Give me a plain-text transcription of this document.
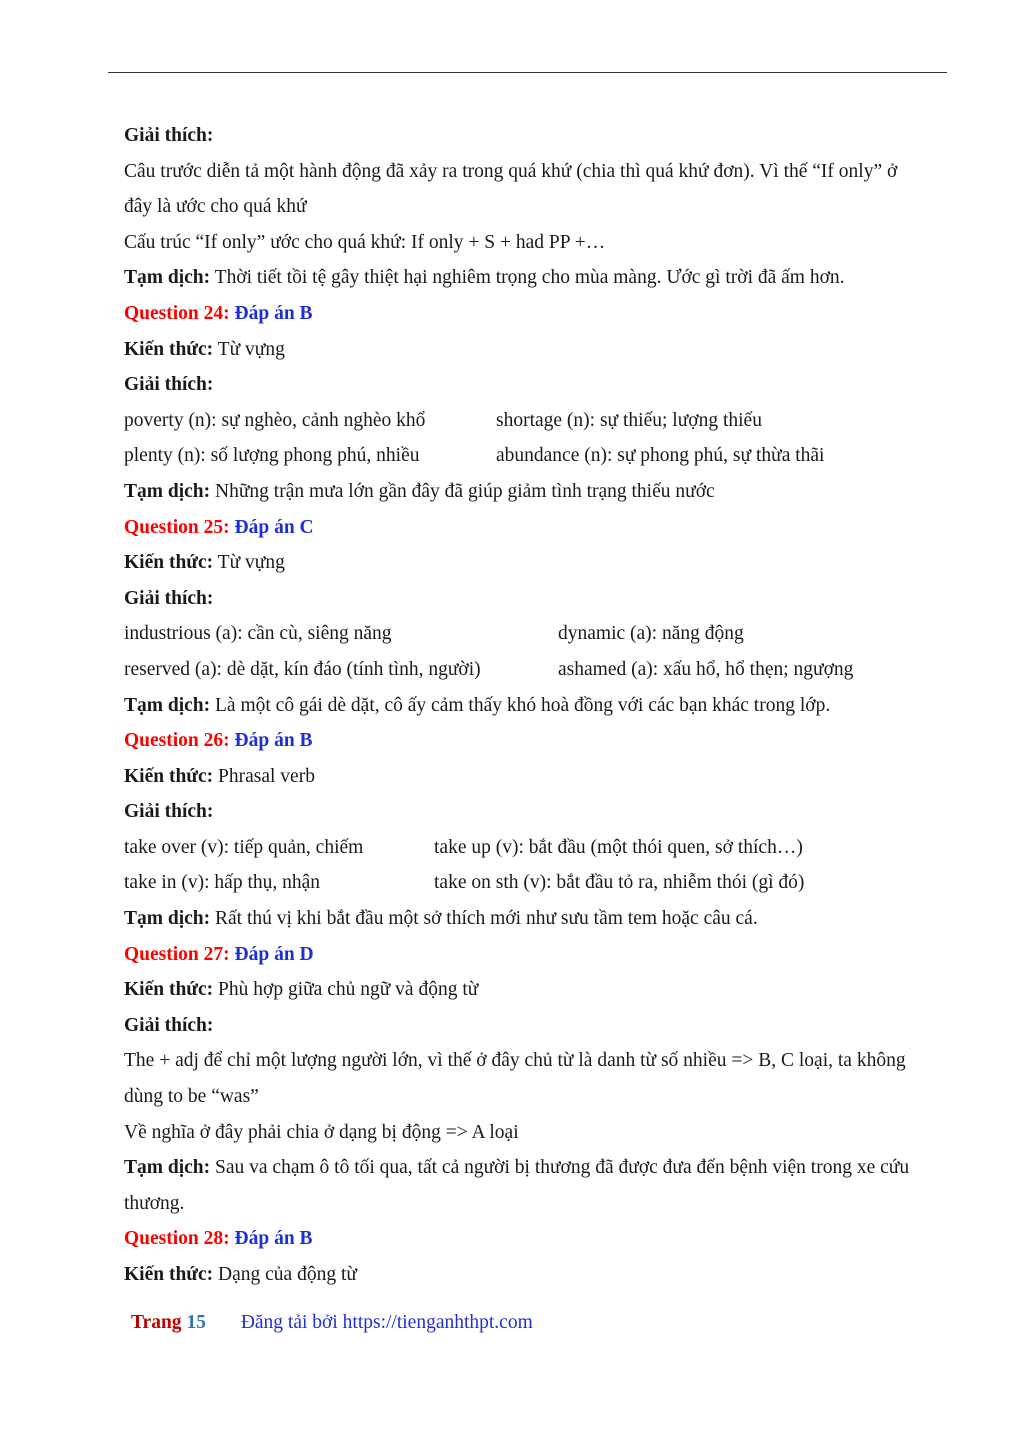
Giải thích:
Câu trước diễn tả một hành động đã xảy ra trong quá khứ (chia thì quá khứ đơn). Vì thế “If only” ở đây là ước cho quá khứ
Cấu trúc “If only” ước cho quá khứ: If only + S + had PP +…
Tạm dịch: Thời tiết tồi tệ gây thiệt hại nghiêm trọng cho mùa màng. Ước gì trời đã ấm hơn.
Question 24: Đáp án B
Kiến thức: Từ vựng
Giải thích:
poverty (n): sự nghèo, cảnh nghèo khổ	shortage (n): sự thiếu; lượng thiếu
plenty (n): số lượng phong phú, nhiều	abundance (n): sự phong phú, sự thừa thãi
Tạm dịch: Những trận mưa lớn gần đây đã giúp giảm tình trạng thiếu nước
Question 25: Đáp án C
Kiến thức: Từ vựng
Giải thích:
industrious (a): cần cù, siêng năng	dynamic (a): năng động
reserved (a): dè dặt, kín đáo (tính tình, người)	ashamed (a): xấu hổ, hổ thẹn; ngượng
Tạm dịch: Là một cô gái dè dặt, cô ấy cảm thấy khó hoà đồng với các bạn khác trong lớp.
Question 26: Đáp án B
Kiến thức: Phrasal verb
Giải thích:
take over (v): tiếp quản, chiếm	take up (v): bắt đầu (một thói quen, sở thích…)
take in (v): hấp thụ, nhận	take on sth (v): bắt đầu tỏ ra, nhiễm thói (gì đó)
Tạm dịch: Rất thú vị khi bắt đầu một sở thích mới như sưu tầm tem hoặc câu cá.
Question 27: Đáp án D
Kiến thức: Phù hợp giữa chủ ngữ và động từ
Giải thích:
The + adj để chỉ một lượng người lớn, vì thế ở đây chủ từ là danh từ số nhiều => B, C loại, ta không dùng to be “was”
Về nghĩa ở đây phải chia ở dạng bị động => A loại
Tạm dịch: Sau va chạm ô tô tối qua, tất cả người bị thương đã được đưa đến bệnh viện trong xe cứu thương.
Question 28: Đáp án B
Kiến thức: Dạng của động từ
Trang 15 Đăng tải bởi https://tienganhthpt.com
